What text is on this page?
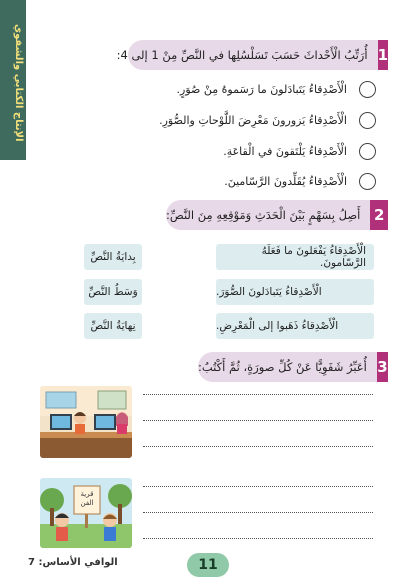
الإنتاج الكتابي والشفوي	1
أُرَتِّبُ الْأَحْداثَ حَسَبَ تَسَلْسُلِها في النَّصِّ مِنْ 1 إلى 4:
الْأَصْدِقاءُ يَتَبادَلونَ ما رَسَموهُ مِنْ صُوَرٍ.
الْأَصْدِقاءُ يَزورونَ مَعْرِضَ اللَّوْحاتِ والصُّوَرِ.
الْأَصْدِقاءُ يَلْتَقونَ في الْقاعَةِ.
الْأَصْدِقاءُ يُقَلِّدونَ الرَّسّامينَ.
2
أَصِلُ بِسَهْمٍ بَيْنَ الْحَدَثِ وَمَوْقِعِهِ مِنَ النَّصِّ:
الْأَصْدِقاءُ يَفْعَلونَ ما فَعَلَهُ الرَّسّامونَ.
الْأَصْدِقاءُ يَتَبادَلونَ الصُّوَرَ.
الْأَصْدِقاءُ ذَهَبوا إلى الْمَعْرِضِ.
بِدايَةُ النَّصِّ
وَسَطُ النَّصِّ
نِهايَةُ النَّصِّ
3
أُعَبِّرُ شَفَوِيًّا عَنْ كُلِّ صورَةٍ، ثُمَّ أَكْتُبُ:
قرية الفن
11
الوافي الأساس: 7
